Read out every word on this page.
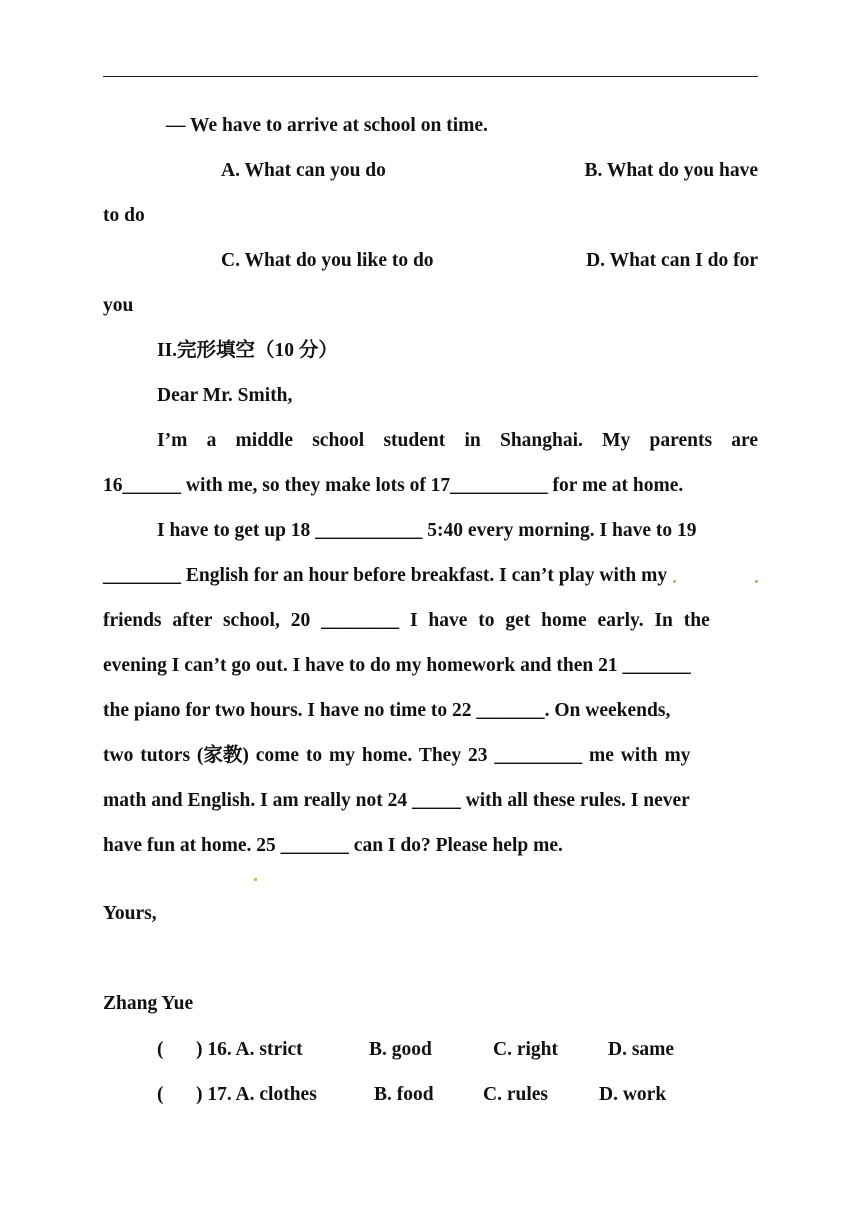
— We have to arrive at school on time.
A. What can you do	B. What do you have
to do
C. What do you like to do	D. What can I do for
you
II.完形填空（10 分）
Dear Mr. Smith,
I’m a middle school student in Shanghai. My parents are
16______ with me, so they make lots of 17__________ for me at home.
I have to get up 18 ___________ 5:40 every morning. I have to 19
________ English for an hour before breakfast. I can’t play with my
friends after school, 20 ________ I have to get home early. In the
evening I can’t go out. I have to do my homework and then 21 _______
the piano for two hours. I have no time to 22 _______. On weekends,
two tutors (家教) come to my home. They 23 _________ me with my
math and English. I am really not 24 _____ with all these rules. I never
have fun at home. 25 _______ can I do? Please help me.
Yours,
Zhang Yue
( ) 16. A. strict	B. good	C. right	D. same
( ) 17. A. clothes	B. food	C. rules	D. work
